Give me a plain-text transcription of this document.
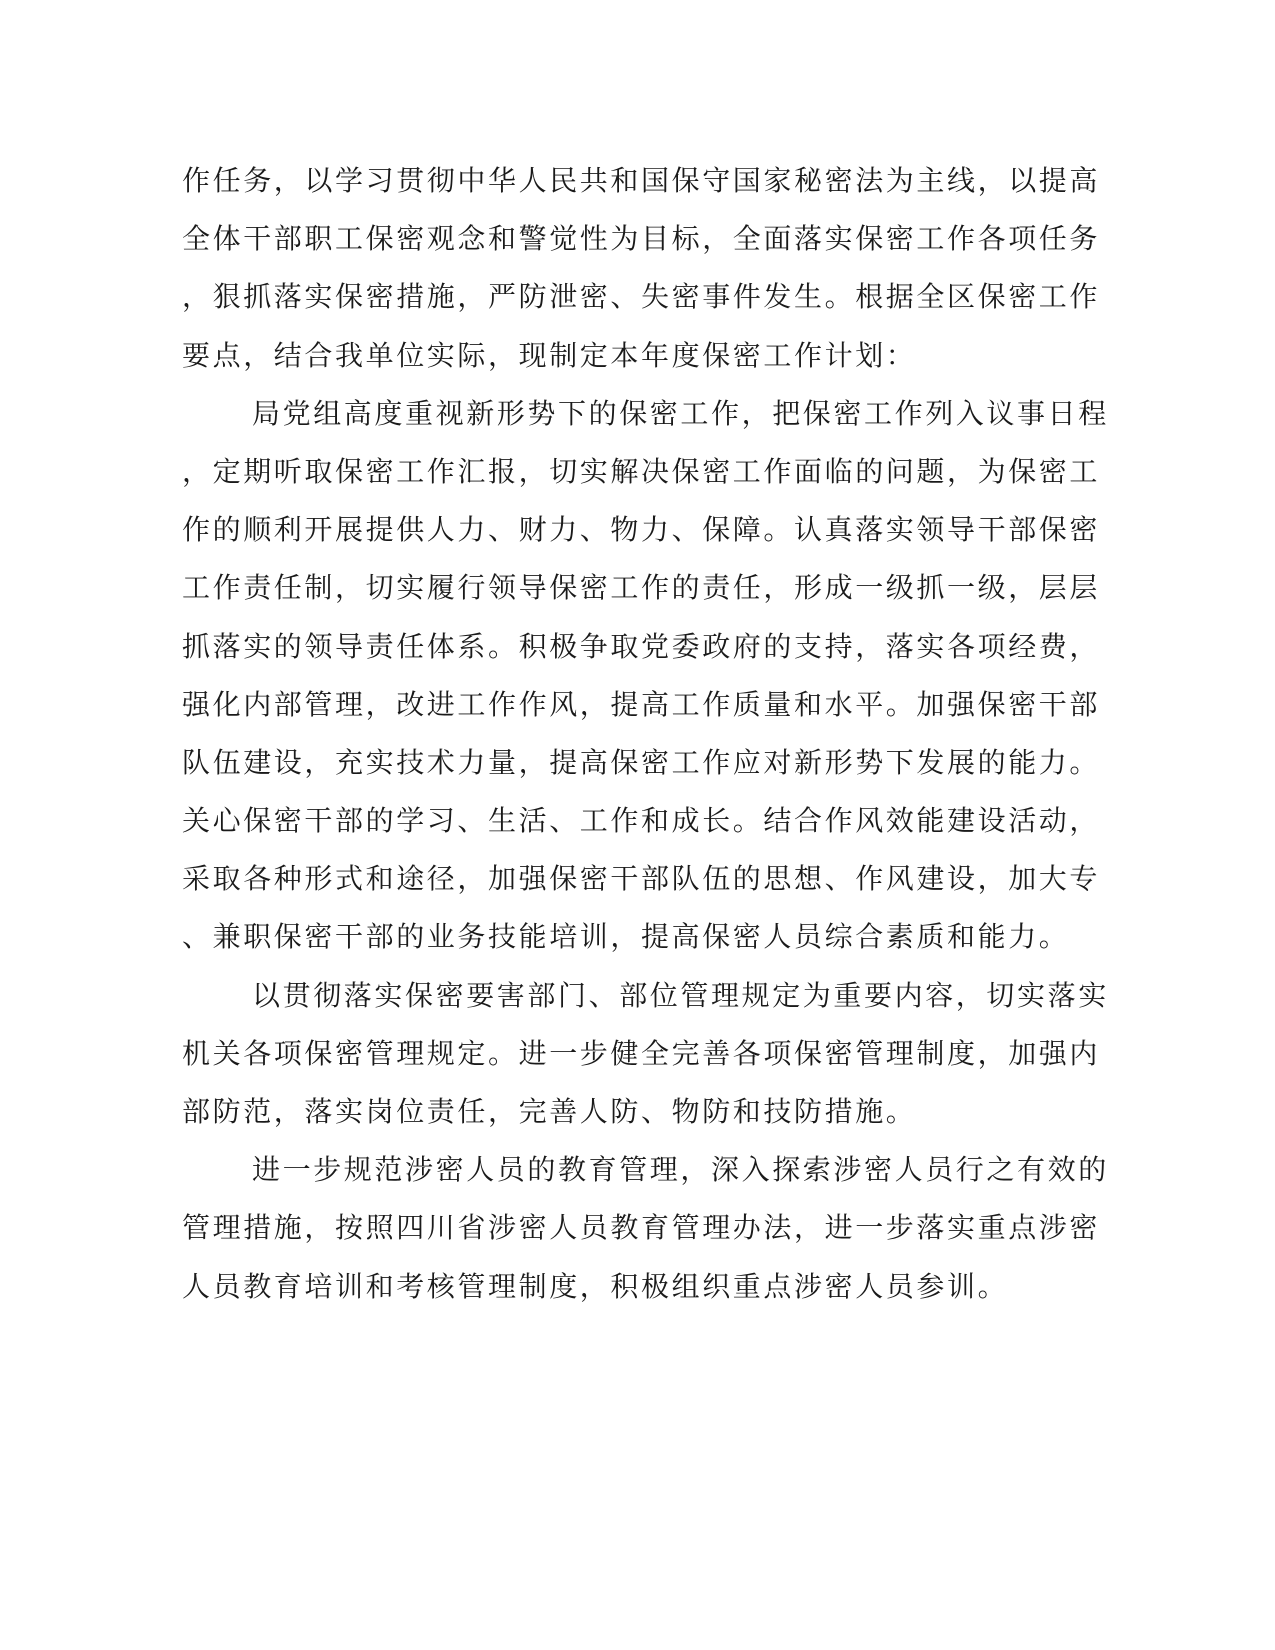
作任务，以学习贯彻中华人民共和国保守国家秘密法为主线，以提高
全体干部职工保密观念和警觉性为目标，全面落实保密工作各项任务
，狠抓落实保密措施，严防泄密、失密事件发生。根据全区保密工作
要点，结合我单位实际，现制定本年度保密工作计划：
局党组高度重视新形势下的保密工作，把保密工作列入议事日程
，定期听取保密工作汇报，切实解决保密工作面临的问题，为保密工
作的顺利开展提供人力、财力、物力、保障。认真落实领导干部保密
工作责任制，切实履行领导保密工作的责任，形成一级抓一级，层层
抓落实的领导责任体系。积极争取党委政府的支持，落实各项经费，
强化内部管理，改进工作作风，提高工作质量和水平。加强保密干部
队伍建设，充实技术力量，提高保密工作应对新形势下发展的能力。
关心保密干部的学习、生活、工作和成长。结合作风效能建设活动，
采取各种形式和途径，加强保密干部队伍的思想、作风建设，加大专
、兼职保密干部的业务技能培训，提高保密人员综合素质和能力。
以贯彻落实保密要害部门、部位管理规定为重要内容，切实落实
机关各项保密管理规定。进一步健全完善各项保密管理制度，加强内
部防范，落实岗位责任，完善人防、物防和技防措施。
进一步规范涉密人员的教育管理，深入探索涉密人员行之有效的
管理措施，按照四川省涉密人员教育管理办法，进一步落实重点涉密
人员教育培训和考核管理制度，积极组织重点涉密人员参训。
